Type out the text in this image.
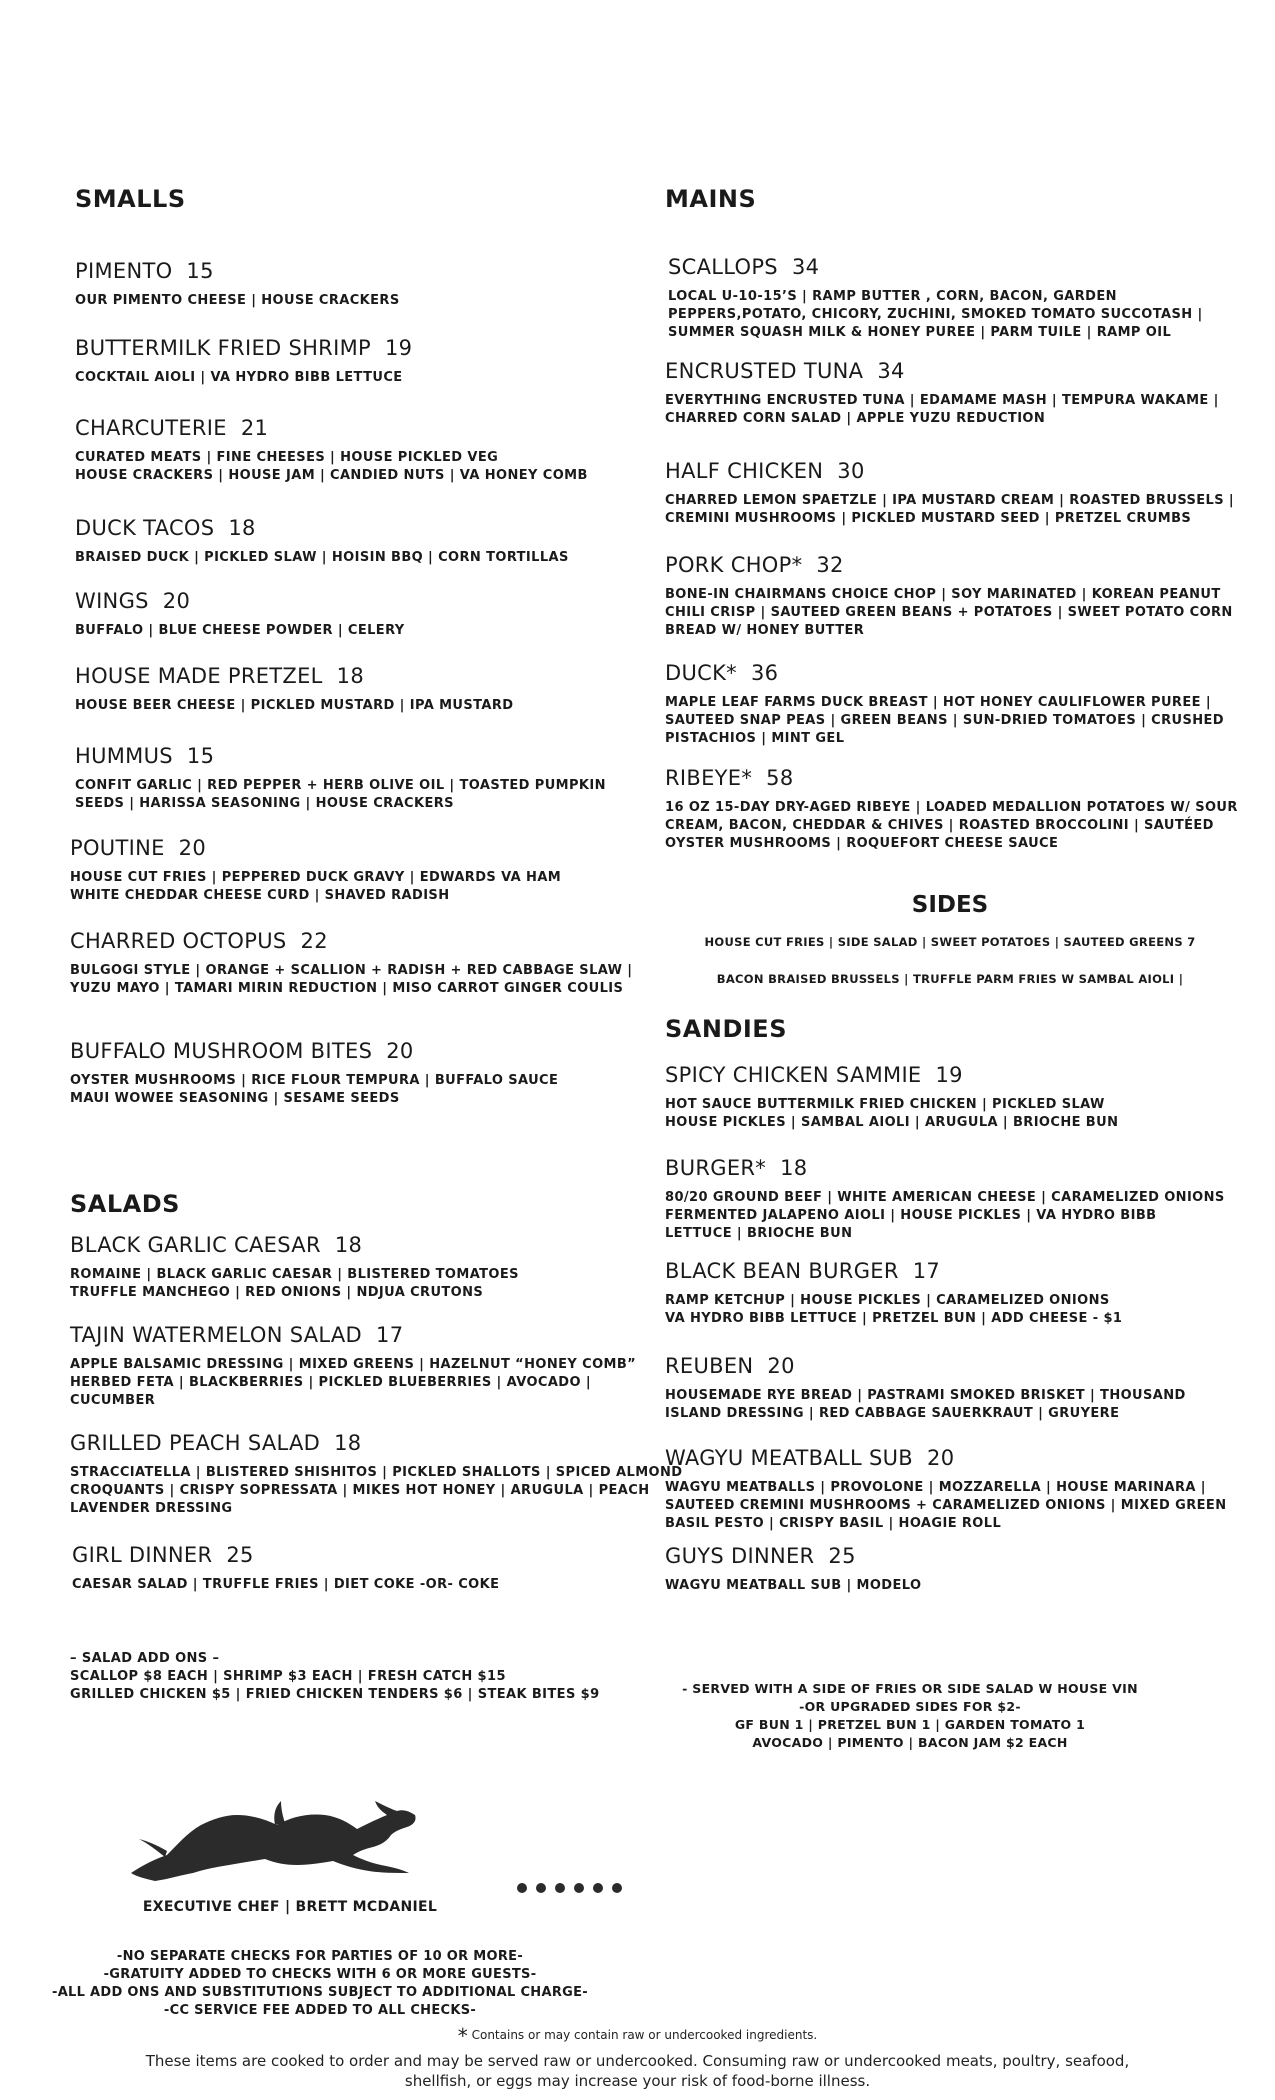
SMALLS
PIMENTO 15
OUR PIMENTO CHEESE | HOUSE CRACKERS
BUTTERMILK FRIED SHRIMP 19
COCKTAIL AIOLI | VA HYDRO BIBB LETTUCE
CHARCUTERIE 21
CURATED MEATS | FINE CHEESES | HOUSE PICKLED VEG
HOUSE CRACKERS | HOUSE JAM | CANDIED NUTS | VA HONEY COMB
DUCK TACOS 18
BRAISED DUCK | PICKLED SLAW | HOISIN BBQ | CORN TORTILLAS
WINGS 20
BUFFALO | BLUE CHEESE POWDER | CELERY
HOUSE MADE PRETZEL 18
HOUSE BEER CHEESE | PICKLED MUSTARD | IPA MUSTARD
HUMMUS 15
CONFIT GARLIC | RED PEPPER + HERB OLIVE OIL | TOASTED PUMPKIN
SEEDS | HARISSA SEASONING | HOUSE CRACKERS
POUTINE 20
HOUSE CUT FRIES | PEPPERED DUCK GRAVY | EDWARDS VA HAM
WHITE CHEDDAR CHEESE CURD | SHAVED RADISH
CHARRED OCTOPUS 22
BULGOGI STYLE | ORANGE + SCALLION + RADISH + RED CABBAGE SLAW |
YUZU MAYO | TAMARI MIRIN REDUCTION | MISO CARROT GINGER COULIS
BUFFALO MUSHROOM BITES 20
OYSTER MUSHROOMS | RICE FLOUR TEMPURA | BUFFALO SAUCE
MAUI WOWEE SEASONING | SESAME SEEDS
SALADS
BLACK GARLIC CAESAR 18
ROMAINE | BLACK GARLIC CAESAR | BLISTERED TOMATOES
TRUFFLE MANCHEGO | RED ONIONS | NDJUA CRUTONS
TAJIN WATERMELON SALAD 17
APPLE BALSAMIC DRESSING | MIXED GREENS | HAZELNUT “HONEY COMB”
HERBED FETA | BLACKBERRIES | PICKLED BLUEBERRIES | AVOCADO |
CUCUMBER
GRILLED PEACH SALAD 18
STRACCIATELLA | BLISTERED SHISHITOS | PICKLED SHALLOTS | SPICED ALMOND
CROQUANTS | CRISPY SOPRESSATA | MIKES HOT HONEY | ARUGULA | PEACH
LAVENDER DRESSING
GIRL DINNER 25
CAESAR SALAD | TRUFFLE FRIES | DIET COKE -OR- COKE
– SALAD ADD ONS –
SCALLOP $8 EACH | SHRIMP $3 EACH | FRESH CATCH $15
GRILLED CHICKEN $5 | FRIED CHICKEN TENDERS $6 | STEAK BITES $9
MAINS
SCALLOPS 34
LOCAL U-10-15’S | RAMP BUTTER , CORN, BACON, GARDEN
PEPPERS,POTATO, CHICORY, ZUCHINI, SMOKED TOMATO SUCCOTASH |
SUMMER SQUASH MILK & HONEY PUREE | PARM TUILE | RAMP OIL
ENCRUSTED TUNA 34
EVERYTHING ENCRUSTED TUNA | EDAMAME MASH | TEMPURA WAKAME |
CHARRED CORN SALAD | APPLE YUZU REDUCTION
HALF CHICKEN 30
CHARRED LEMON SPAETZLE | IPA MUSTARD CREAM | ROASTED BRUSSELS |
CREMINI MUSHROOMS | PICKLED MUSTARD SEED | PRETZEL CRUMBS
PORK CHOP* 32
BONE-IN CHAIRMANS CHOICE CHOP | SOY MARINATED | KOREAN PEANUT
CHILI CRISP | SAUTEED GREEN BEANS + POTATOES | SWEET POTATO CORN
BREAD W/ HONEY BUTTER
DUCK* 36
MAPLE LEAF FARMS DUCK BREAST | HOT HONEY CAULIFLOWER PUREE |
SAUTEED SNAP PEAS | GREEN BEANS | SUN-DRIED TOMATOES | CRUSHED
PISTACHIOS | MINT GEL
RIBEYE* 58
16 OZ 15-DAY DRY-AGED RIBEYE | LOADED MEDALLION POTATOES W/ SOUR
CREAM, BACON, CHEDDAR & CHIVES | ROASTED BROCCOLINI | SAUTÉED
OYSTER MUSHROOMS | ROQUEFORT CHEESE SAUCE
SIDES
HOUSE CUT FRIES | SIDE SALAD | SWEET POTATOES | SAUTEED GREENS 7
BACON BRAISED BRUSSELS | TRUFFLE PARM FRIES W SAMBAL AIOLI |
SANDIES
SPICY CHICKEN SAMMIE 19
HOT SAUCE BUTTERMILK FRIED CHICKEN | PICKLED SLAW
HOUSE PICKLES | SAMBAL AIOLI | ARUGULA | BRIOCHE BUN
BURGER* 18
80/20 GROUND BEEF | WHITE AMERICAN CHEESE | CARAMELIZED ONIONS
FERMENTED JALAPENO AIOLI | HOUSE PICKLES | VA HYDRO BIBB
LETTUCE | BRIOCHE BUN
BLACK BEAN BURGER 17
RAMP KETCHUP | HOUSE PICKLES | CARAMELIZED ONIONS
VA HYDRO BIBB LETTUCE | PRETZEL BUN | ADD CHEESE - $1
REUBEN 20
HOUSEMADE RYE BREAD | PASTRAMI SMOKED BRISKET | THOUSAND
ISLAND DRESSING | RED CABBAGE SAUERKRAUT | GRUYERE
WAGYU MEATBALL SUB 20
WAGYU MEATBALLS | PROVOLONE | MOZZARELLA | HOUSE MARINARA |
SAUTEED CREMINI MUSHROOMS + CARAMELIZED ONIONS | MIXED GREEN
BASIL PESTO | CRISPY BASIL | HOAGIE ROLL
GUYS DINNER 25
WAGYU MEATBALL SUB | MODELO
- SERVED WITH A SIDE OF FRIES OR SIDE SALAD W HOUSE VIN
-OR UPGRADED SIDES FOR $2-
GF BUN 1 | PRETZEL BUN 1 | GARDEN TOMATO 1
AVOCADO | PIMENTO | BACON JAM $2 EACH
EXECUTIVE CHEF | BRETT MCDANIEL
-NO SEPARATE CHECKS FOR PARTIES OF 10 OR MORE-
-GRATUITY ADDED TO CHECKS WITH 6 OR MORE GUESTS-
-ALL ADD ONS AND SUBSTITUTIONS SUBJECT TO ADDITIONAL CHARGE-
-CC SERVICE FEE ADDED TO ALL CHECKS-
* Contains or may contain raw or undercooked ingredients.
These items are cooked to order and may be served raw or undercooked. Consuming raw or undercooked meats, poultry, seafood,
shellfish, or eggs may increase your risk of food-borne illness.
